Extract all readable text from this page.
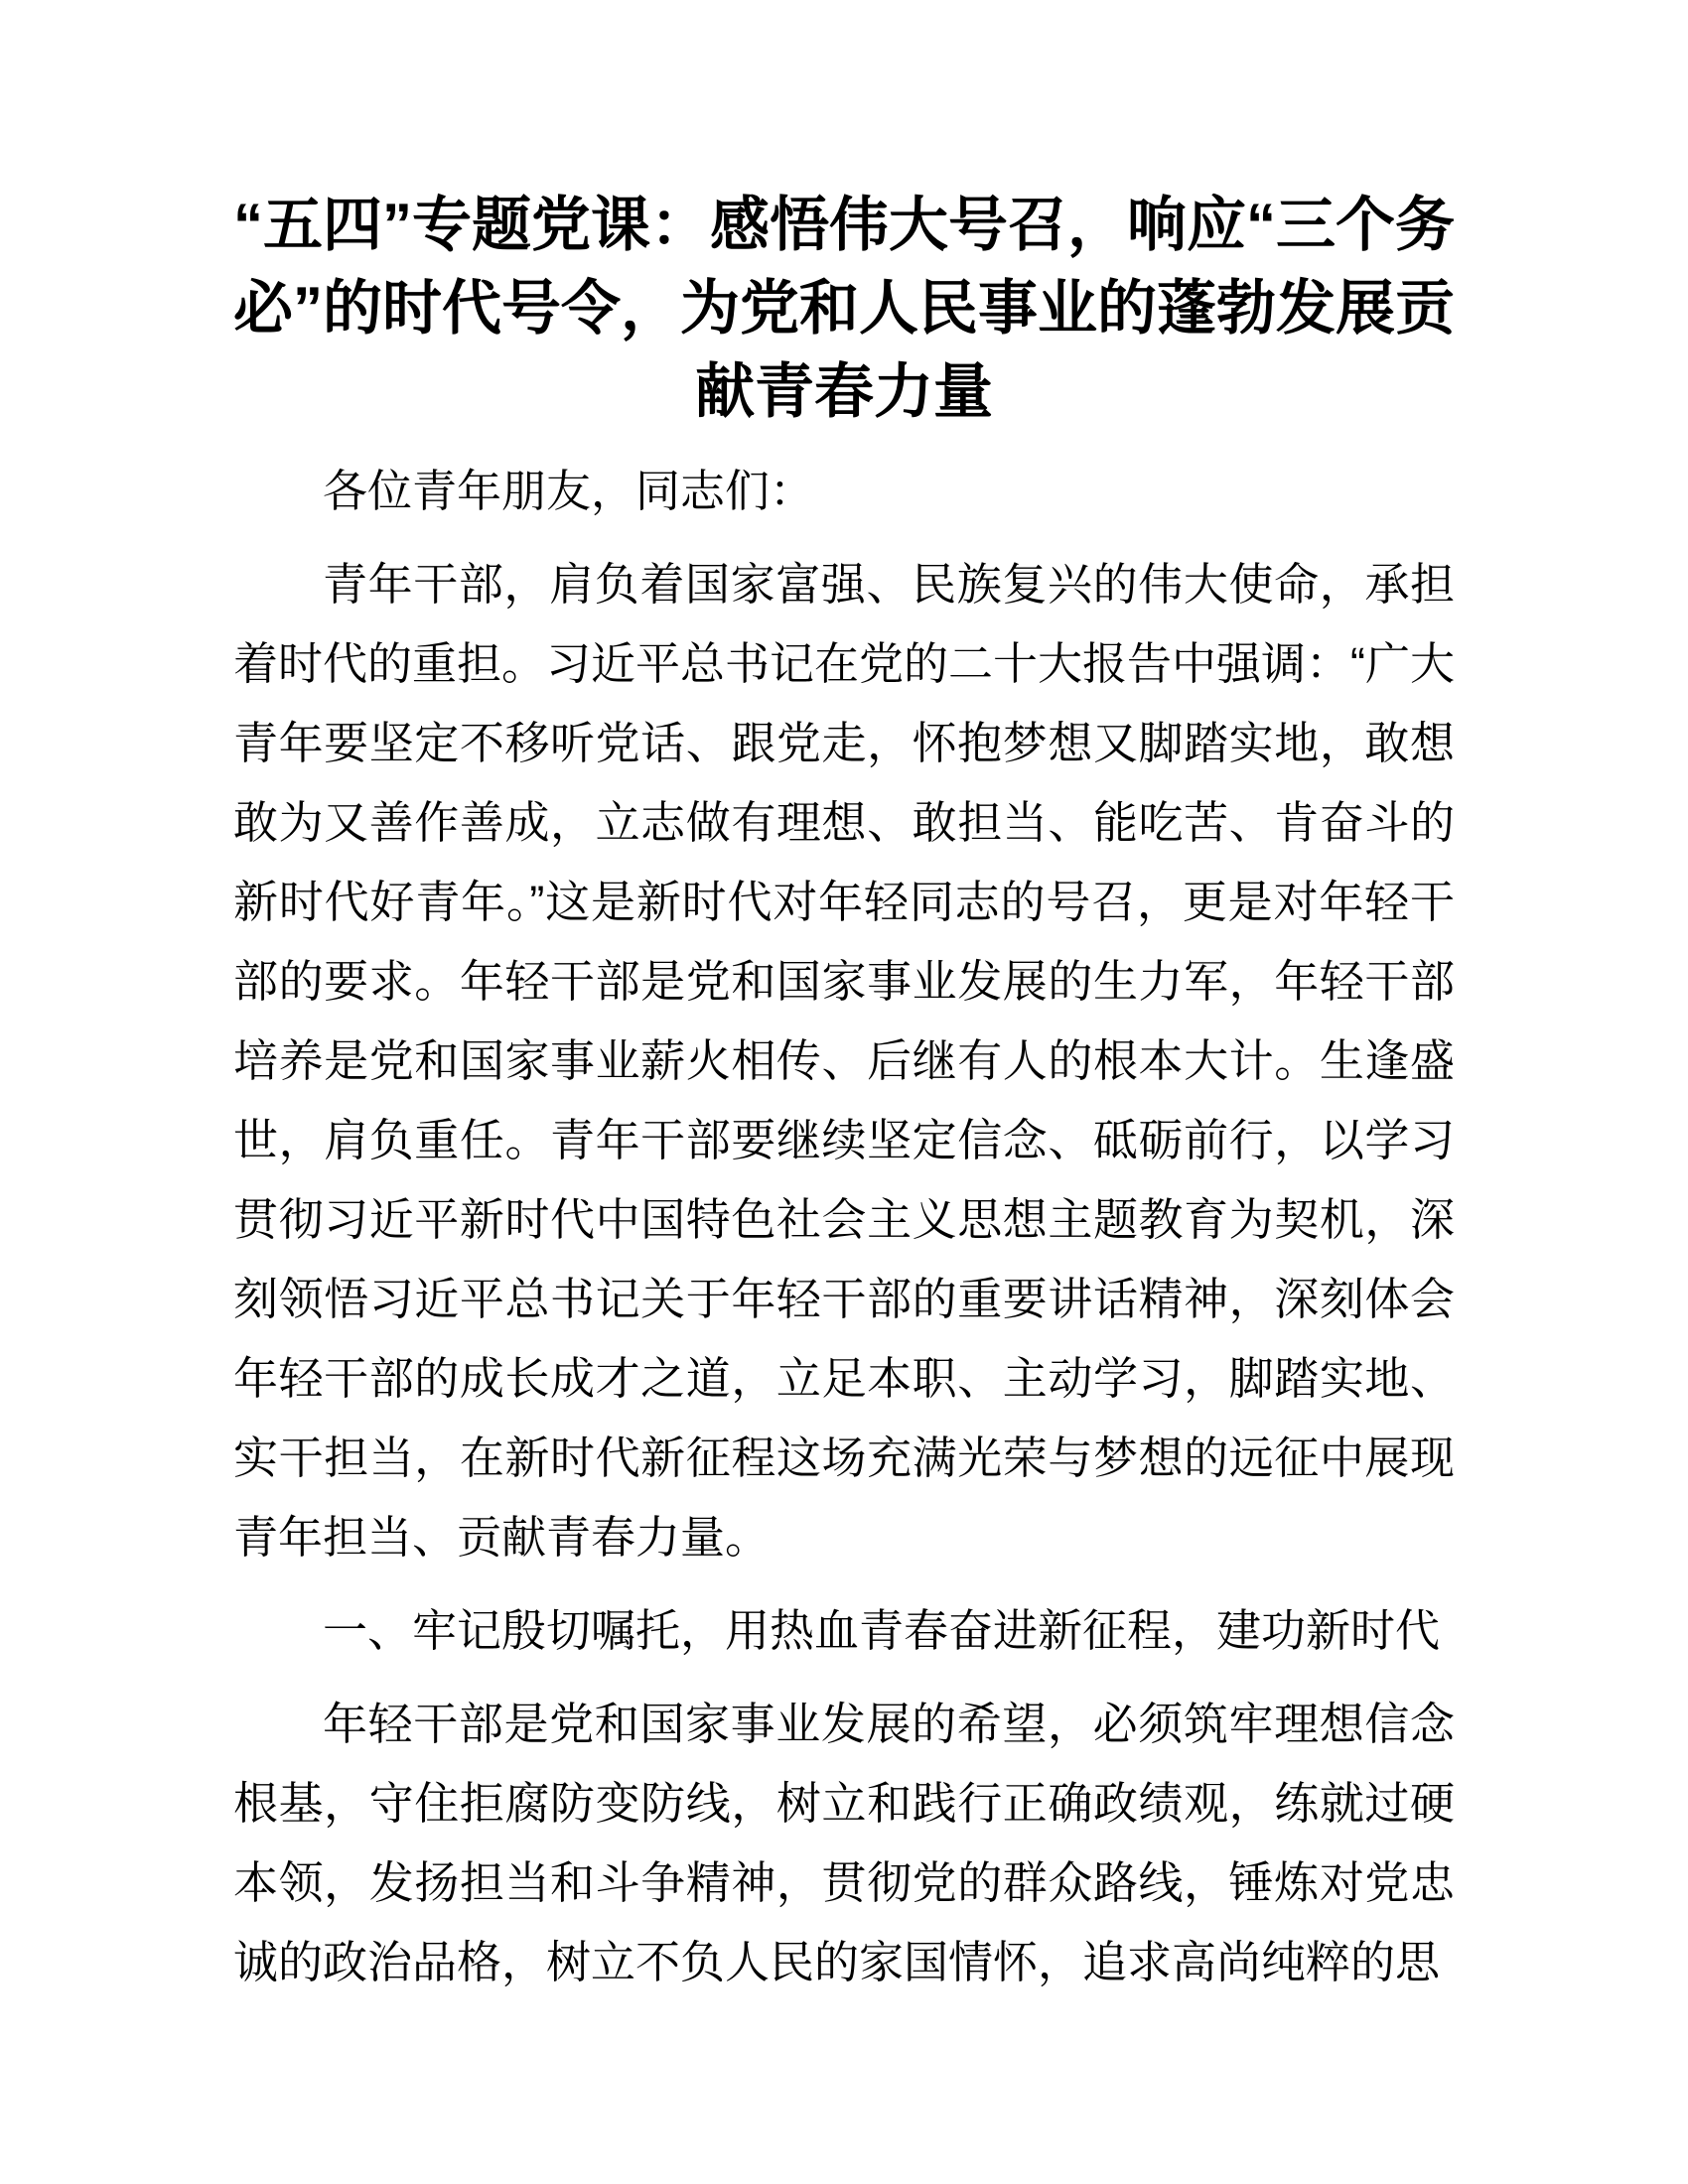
“五四”专题党课：感悟伟大号召，响应“三个务必”的时代号令，为党和人民事业的蓬勃发展贡献青春力量

各位青年朋友，同志们：

青年干部，肩负着国家富强、民族复兴的伟大使命，承担着时代的重担。习近平总书记在党的二十大报告中强调：“广大青年要坚定不移听党话、跟党走，怀抱梦想又脚踏实地，敢想敢为又善作善成，立志做有理想、敢担当、能吃苦、肯奋斗的新时代好青年。”这是新时代对年轻同志的号召，更是对年轻干部的要求。年轻干部是党和国家事业发展的生力军，年轻干部培养是党和国家事业薪火相传、后继有人的根本大计。生逢盛世，肩负重任。青年干部要继续坚定信念、砥砺前行，以学习贯彻习近平新时代中国特色社会主义思想主题教育为契机，深刻领悟习近平总书记关于年轻干部的重要讲话精神，深刻体会年轻干部的成长成才之道，立足本职、主动学习，脚踏实地、实干担当，在新时代新征程这场充满光荣与梦想的远征中展现青年担当、贡献青春力量。

一、牢记殷切嘱托，用热血青春奋进新征程，建功新时代

年轻干部是党和国家事业发展的希望，必须筑牢理想信念根基，守住拒腐防变防线，树立和践行正确政绩观，练就过硬本领，发扬担当和斗争精神，贯彻党的群众路线，锤炼对党忠诚的政治品格，树立不负人民的家国情怀，追求高尚纯粹的思
